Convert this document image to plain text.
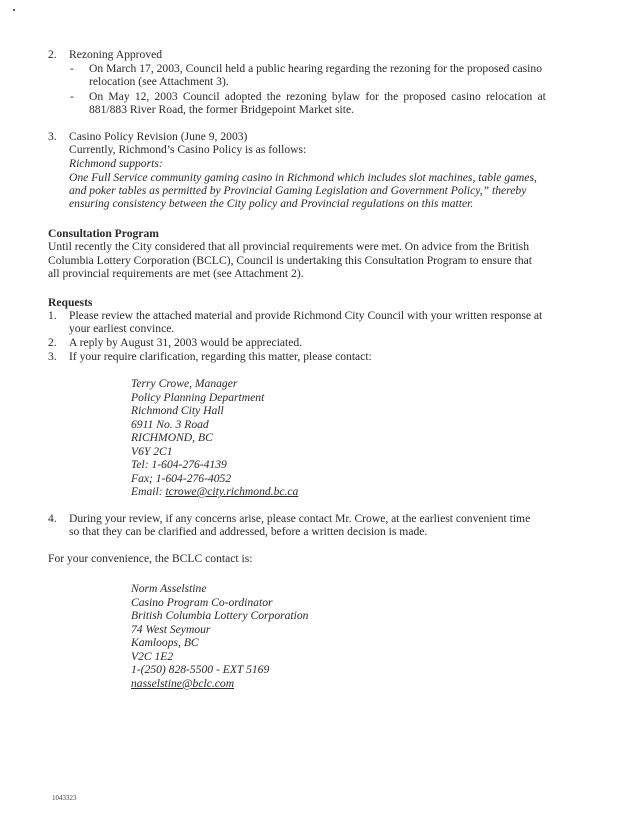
2. Rezoning Approved
- On March 17, 2003, Council held a public hearing regarding the rezoning for the proposed casino
relocation (see Attachment 3).
- On May 12, 2003 Council adopted the rezoning bylaw for the proposed casino relocation at
881/883 River Road, the former Bridgepoint Market site.
3. Casino Policy Revision (June 9, 2003)
Currently, Richmond’s Casino Policy is as follows:
Richmond supports:
One Full Service community gaming casino in Richmond which includes slot machines, table games,
and poker tables as permitted by Provincial Gaming Legislation and Government Policy,” thereby
ensuring consistency between the City policy and Provincial regulations on this matter.
Consultation Program
Until recently the City considered that all provincial requirements were met. On advice from the British
Columbia Lottery Corporation (BCLC), Council is undertaking this Consultation Program to ensure that
all provincial requirements are met (see Attachment 2).
Requests
1. Please review the attached material and provide Richmond City Council with your written response at
your earliest convince.
2. A reply by August 31, 2003 would be appreciated.
3. If your require clarification, regarding this matter, please contact:
Terry Crowe, Manager
Policy Planning Department
Richmond City Hall
6911 No. 3 Road
RICHMOND, BC
V6Y 2C1
Tel: 1-604-276-4139
Fax; 1-604-276-4052
Email: tcrowe@city.richmond.bc.ca
4. During your review, if any concerns arise, please contact Mr. Crowe, at the earliest convenient time
so that they can be clarified and addressed, before a written decision is made.
For your convenience, the BCLC contact is:
Norm Asselstine
Casino Program Co-ordinator
British Columbia Lottery Corporation
74 West Seymour
Kamloops, BC
V2C 1E2
1-(250) 828-5500 - EXT 5169
nasselstine@bclc.com
1043323
